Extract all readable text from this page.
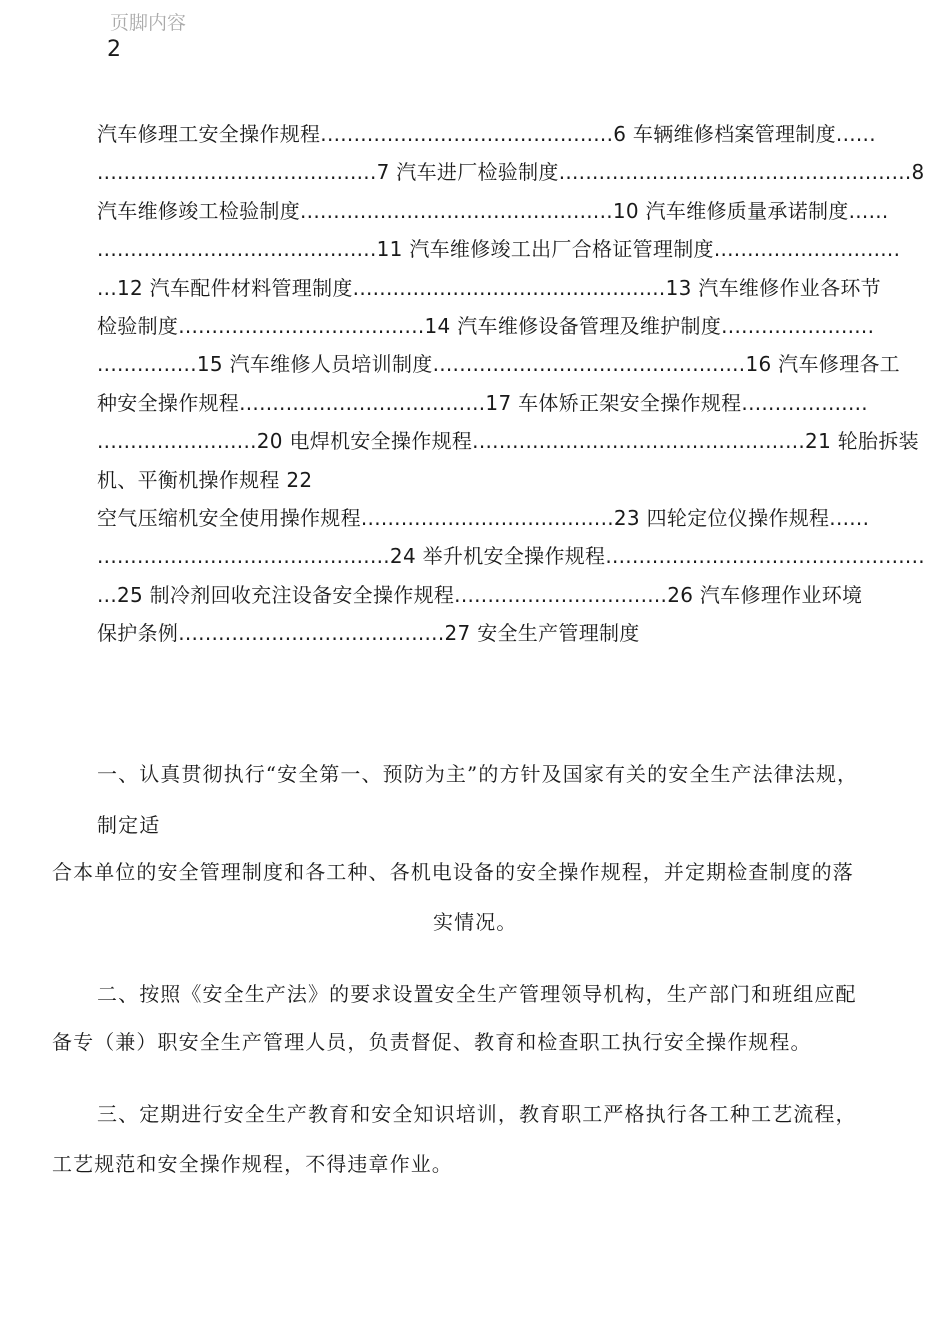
页脚内容
2
汽车修理工安全操作规程............................................6 车辆维修档案管理制度......
..........................................7 汽车进厂检验制度.....................................................8
汽车维修竣工检验制度...............................................10 汽车维修质量承诺制度......
..........................................11 汽车维修竣工出厂合格证管理制度............................
...12 汽车配件材料管理制度...............................................13 汽车维修作业各环节
检验制度.....................................14 汽车维修设备管理及维护制度.......................
...............15 汽车维修人员培训制度...............................................16 汽车修理各工
种安全操作规程.....................................17 车体矫正架安全操作规程...................
........................20 电焊机安全操作规程..................................................21 轮胎拆装
机、平衡机操作规程 22
空气压缩机安全使用操作规程......................................23 四轮定位仪操作规程......
............................................24 举升机安全操作规程................................................
...25 制冷剂回收充注设备安全操作规程................................26 汽车修理作业环境
保护条例........................................27 安全生产管理制度
一、认真贯彻执行“安全第一、预防为主”的方针及国家有关的安全生产法律法规，
制定适
合本单位的安全管理制度和各工种、各机电设备的安全操作规程，并定期检查制度的落
实情况。
二、按照《安全生产法》的要求设置安全生产管理领导机构，生产部门和班组应配
备专（兼）职安全生产管理人员，负责督促、教育和检查职工执行安全操作规程。
三、定期进行安全生产教育和安全知识培训，教育职工严格执行各工种工艺流程，
工艺规范和安全操作规程，不得违章作业。
